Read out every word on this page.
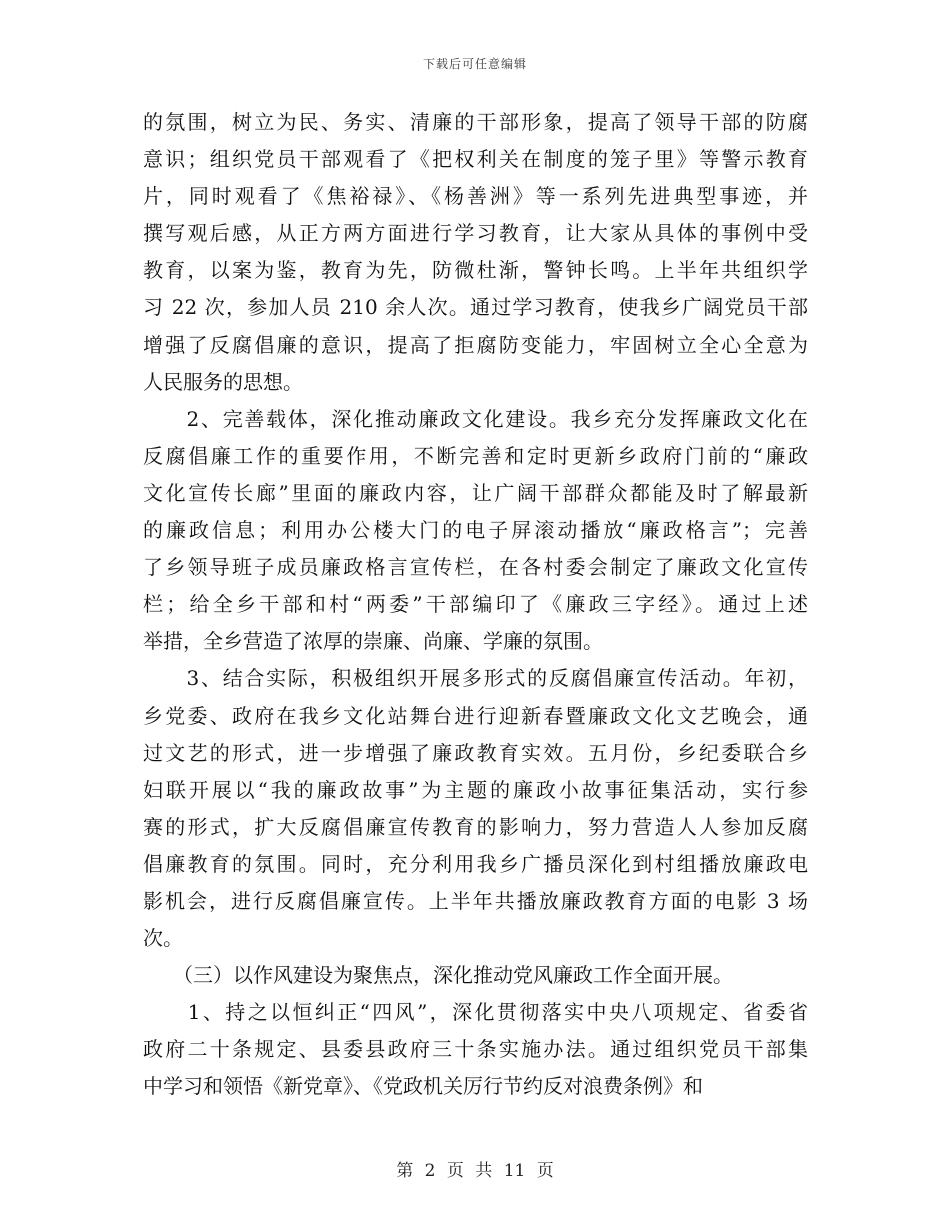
下载后可任意编辑
的氛围，树立为民、务实、清廉的干部形象，提高了领导干部的防腐
意识；组织党员干部观看了《把权利关在制度的笼子里》等警示教育
片，同时观看了《焦裕禄》、《杨善洲》等一系列先进典型事迹，并
撰写观后感，从正方两方面进行学习教育，让大家从具体的事例中受
教育，以案为鉴，教育为先，防微杜渐，警钟长鸣。上半年共组织学
习 22 次，参加人员 210 余人次。通过学习教育，使我乡广阔党员干部
增强了反腐倡廉的意识，提高了拒腐防变能力，牢固树立全心全意为
人民服务的思想。
　　2、完善载体，深化推动廉政文化建设。我乡充分发挥廉政文化在
反腐倡廉工作的重要作用，不断完善和定时更新乡政府门前的“廉政
文化宣传长廊”里面的廉政内容，让广阔干部群众都能及时了解最新
的廉政信息；利用办公楼大门的电子屏滚动播放“廉政格言”；完善
了乡领导班子成员廉政格言宣传栏，在各村委会制定了廉政文化宣传
栏；给全乡干部和村“两委”干部编印了《廉政三字经》。通过上述
举措，全乡营造了浓厚的崇廉、尚廉、学廉的氛围。
　　3、结合实际，积极组织开展多形式的反腐倡廉宣传活动。年初，
乡党委、政府在我乡文化站舞台进行迎新春暨廉政文化文艺晚会，通
过文艺的形式，进一步增强了廉政教育实效。五月份，乡纪委联合乡
妇联开展以“我的廉政故事”为主题的廉政小故事征集活动，实行参
赛的形式，扩大反腐倡廉宣传教育的影响力，努力营造人人参加反腐
倡廉教育的氛围。同时，充分利用我乡广播员深化到村组播放廉政电
影机会，进行反腐倡廉宣传。上半年共播放廉政教育方面的电影 3 场
次。
　　（三）以作风建设为聚焦点，深化推动党风廉政工作全面开展。
　　1、持之以恒纠正“四风”，深化贯彻落实中央八项规定、省委省
政府二十条规定、县委县政府三十条实施办法。通过组织党员干部集
中学习和领悟《新党章》、《党政机关厉行节约反对浪费条例》和
第 2 页 共 11 页
